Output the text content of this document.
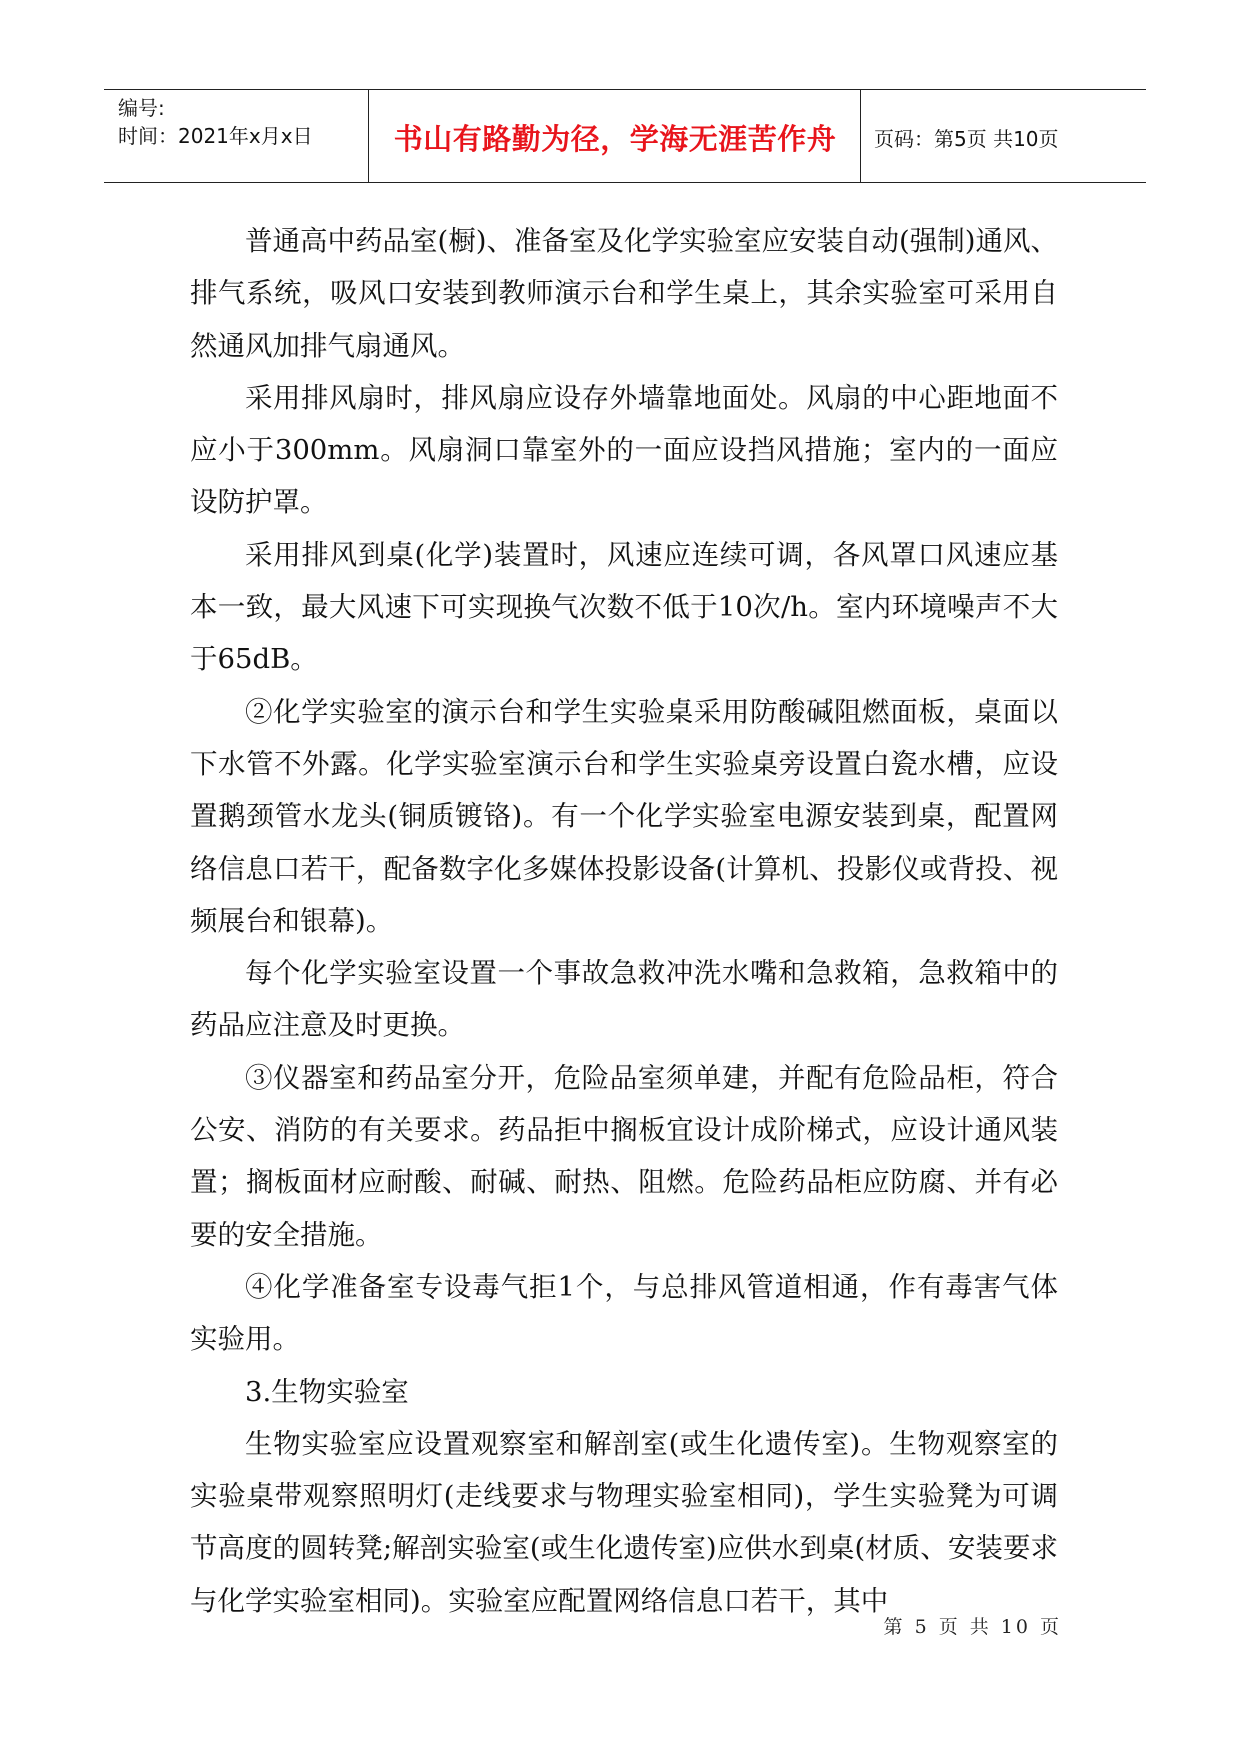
编号:
时间：2021年x月x日	书山有路勤为径，学海无涯苦作舟	页码：第5页 共10页

普通高中药品室(橱)、准备室及化学实验室应安装自动(强制)通风、排气系统，吸风口安装到教师演示台和学生桌上，其余实验室可采用自然通风加排气扇通风。

采用排风扇时，排风扇应设存外墙靠地面处。风扇的中心距地面不应小于300mm。风扇洞口靠室外的一面应设挡风措施；室内的一面应设防护罩。

采用排风到桌(化学)装置时，风速应连续可调，各风罩口风速应基本一致，最大风速下可实现换气次数不低于10次/h。室内环境噪声不大于65dB。

②化学实验室的演示台和学生实验桌采用防酸碱阻燃面板，桌面以下水管不外露。化学实验室演示台和学生实验桌旁设置白瓷水槽，应设置鹅颈管水龙头(铜质镀铬)。有一个化学实验室电源安装到桌，配置网络信息口若干，配备数字化多媒体投影设备(计算机、投影仪或背投、视频展台和银幕)。

每个化学实验室设置一个事故急救冲洗水嘴和急救箱，急救箱中的药品应注意及时更换。

③仪器室和药品室分开，危险品室须单建，并配有危险品柜，符合公安、消防的有关要求。药品拒中搁板宜设计成阶梯式，应设计通风装置；搁板面材应耐酸、耐碱、耐热、阻燃。危险药品柜应防腐、并有必要的安全措施。

④化学准备室专设毒气拒1个，与总排风管道相通，作有毒害气体实验用。

3.生物实验室

生物实验室应设置观察室和解剖室(或生化遗传室)。生物观察室的实验桌带观察照明灯(走线要求与物理实验室相同)，学生实验凳为可调节高度的圆转凳;解剖实验室(或生化遗传室)应供水到桌(材质、安装要求与化学实验室相同)。实验室应配置网络信息口若干，其中

第 5 页 共 10 页
